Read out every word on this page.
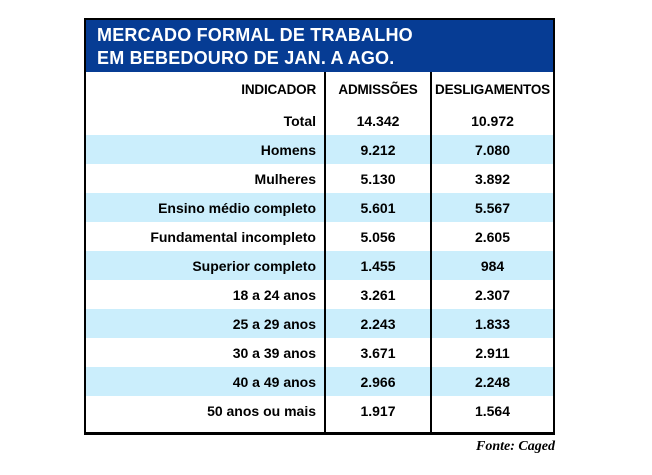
MERCADO FORMAL DE TRABALHO
EM BEBEDOURO DE JAN. A AGO.
INDICADOR	ADMISSÕES	DESLIGAMENTOS
Total	14.342	10.972
Homens	9.212	7.080
Mulheres	5.130	3.892
Ensino médio completo	5.601	5.567
Fundamental incompleto	5.056	2.605
Superior completo	1.455	984
18 a 24 anos	3.261	2.307
25 a 29 anos	2.243	1.833
30 a 39 anos	3.671	2.911
40 a 49 anos	2.966	2.248
50 anos ou mais	1.917	1.564
Fonte: Caged
